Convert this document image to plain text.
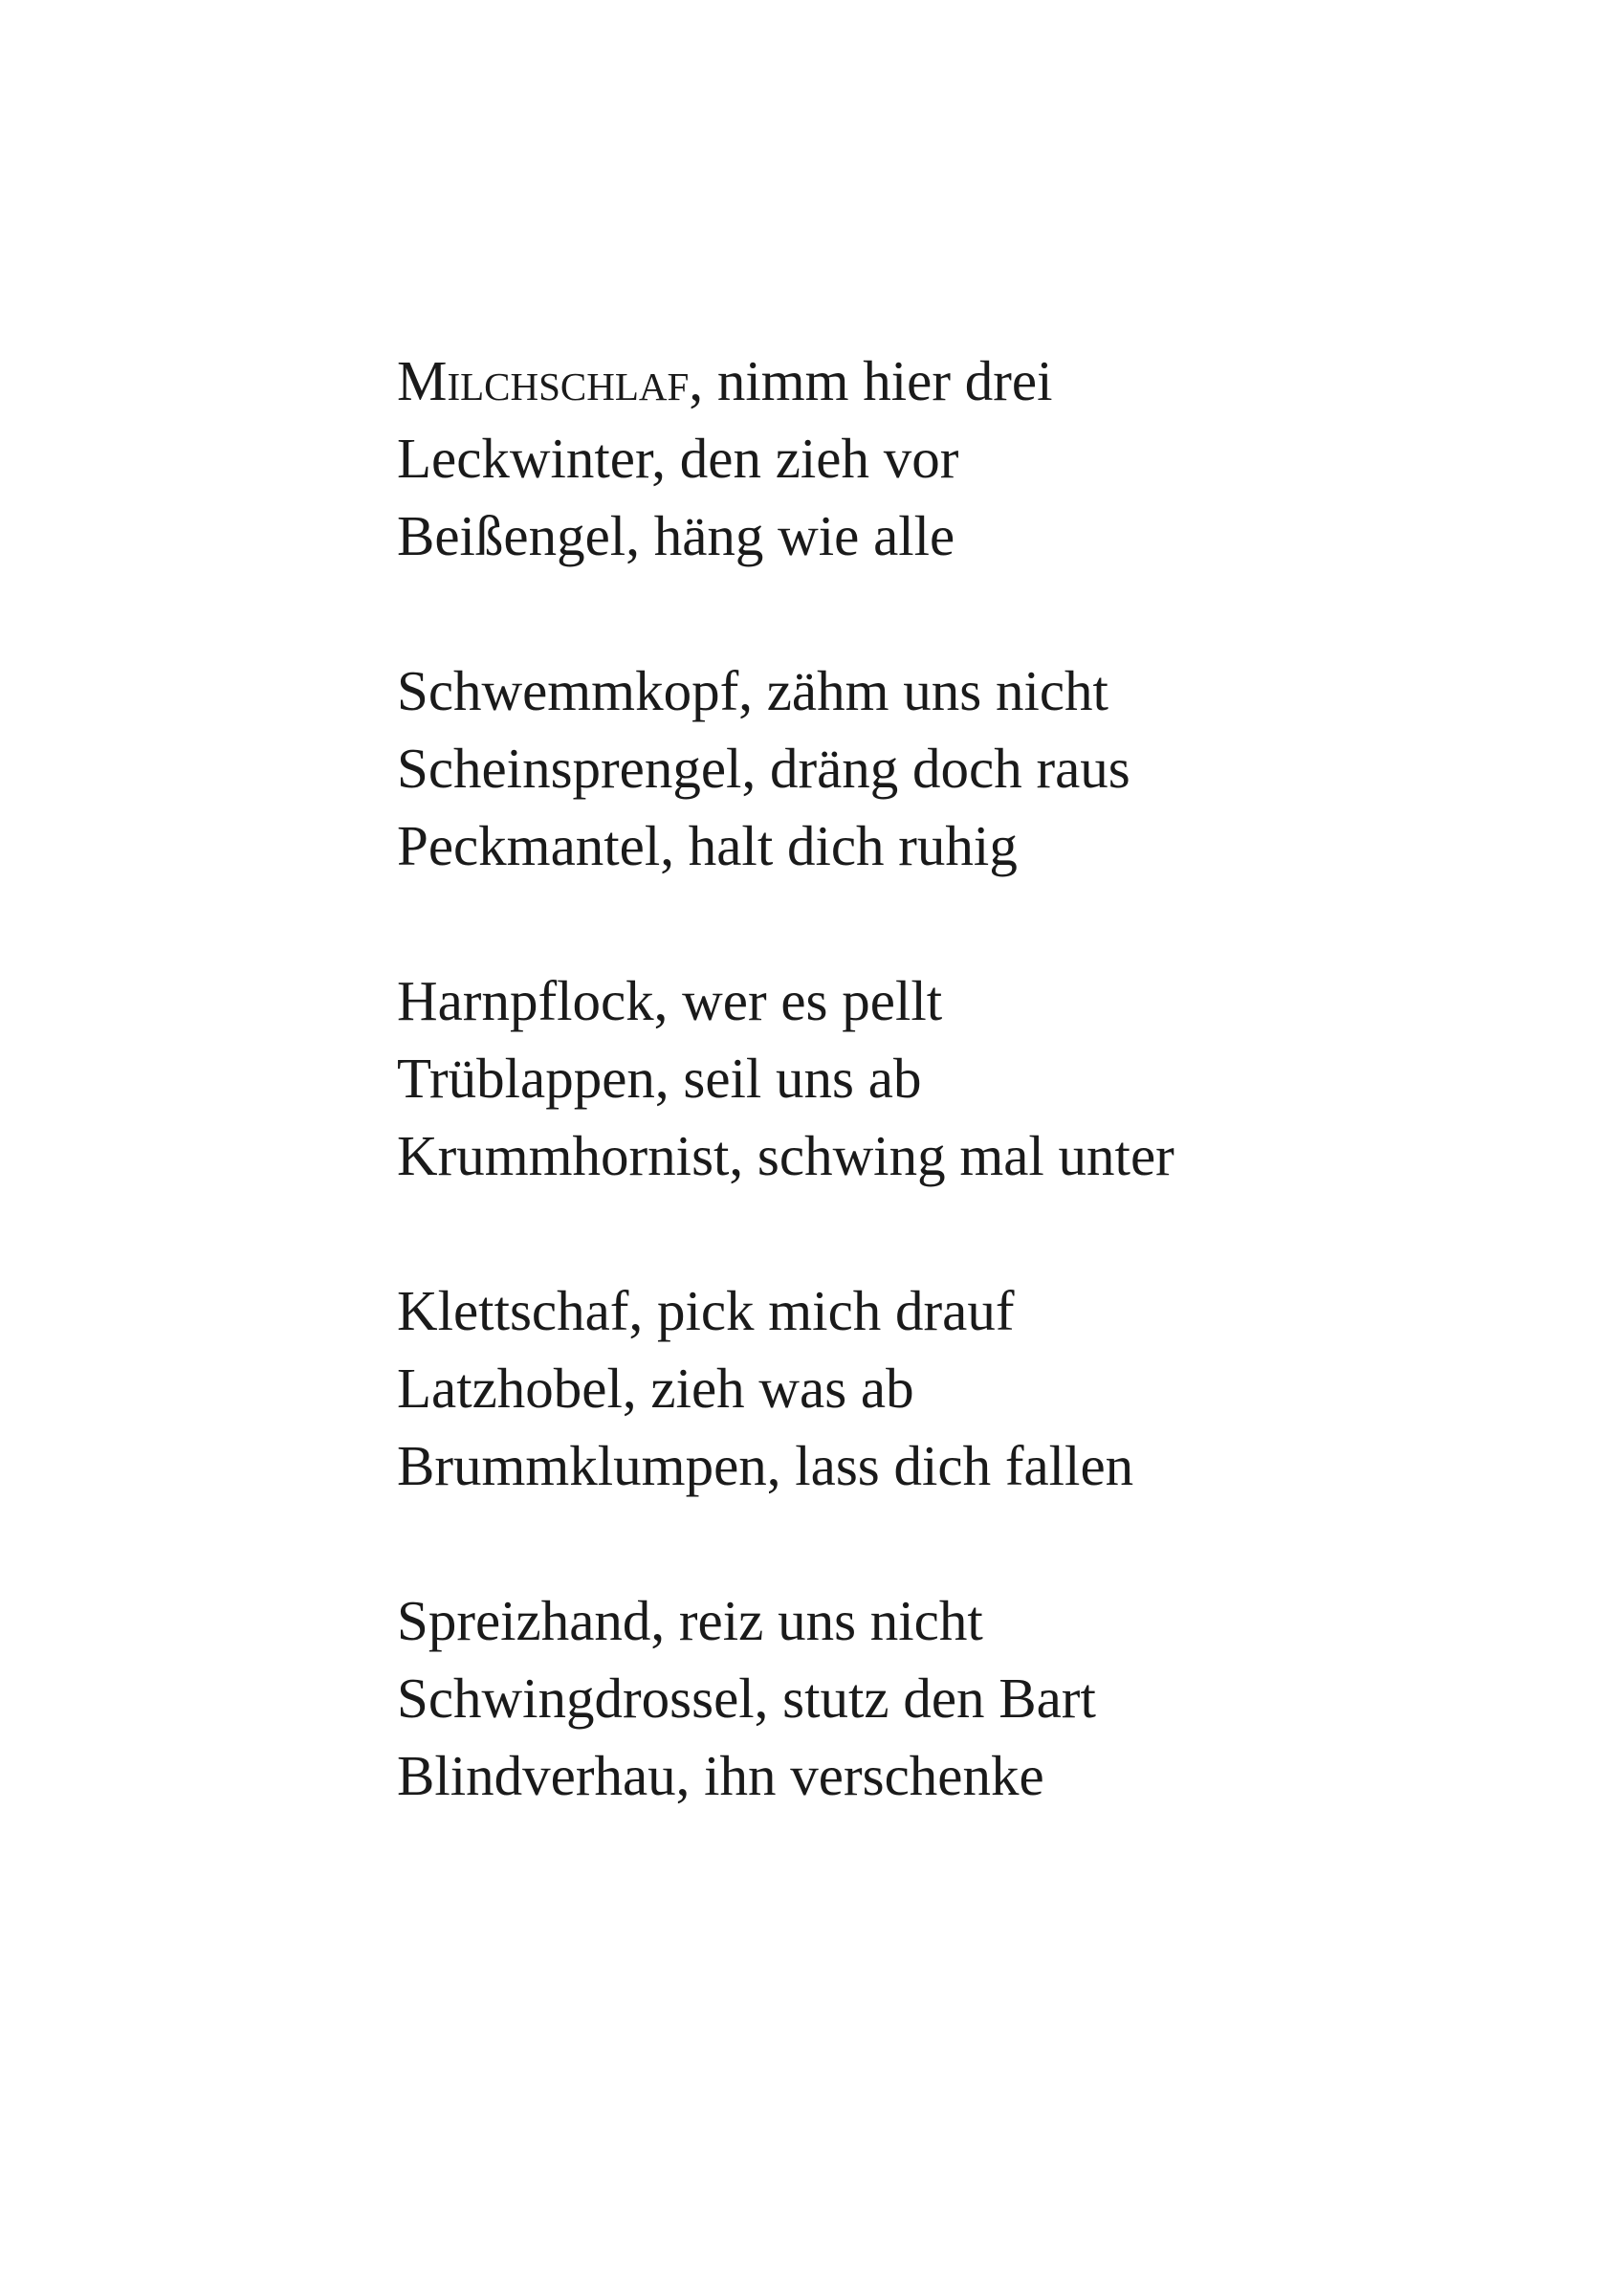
Milchschlaf, nimm hier drei
Leckwinter, den zieh vor
Beißengel, häng wie alle
Schwemmkopf, zähm uns nicht
Scheinsprengel, dräng doch raus
Peckmantel, halt dich ruhig
Harnpflock, wer es pellt
Trüblappen, seil uns ab
Krummhornist, schwing mal unter
Klettschaf, pick mich drauf
Latzhobel, zieh was ab
Brummklumpen, lass dich fallen
Spreizhand, reiz uns nicht
Schwingdrossel, stutz den Bart
Blindverhau, ihn verschenke
